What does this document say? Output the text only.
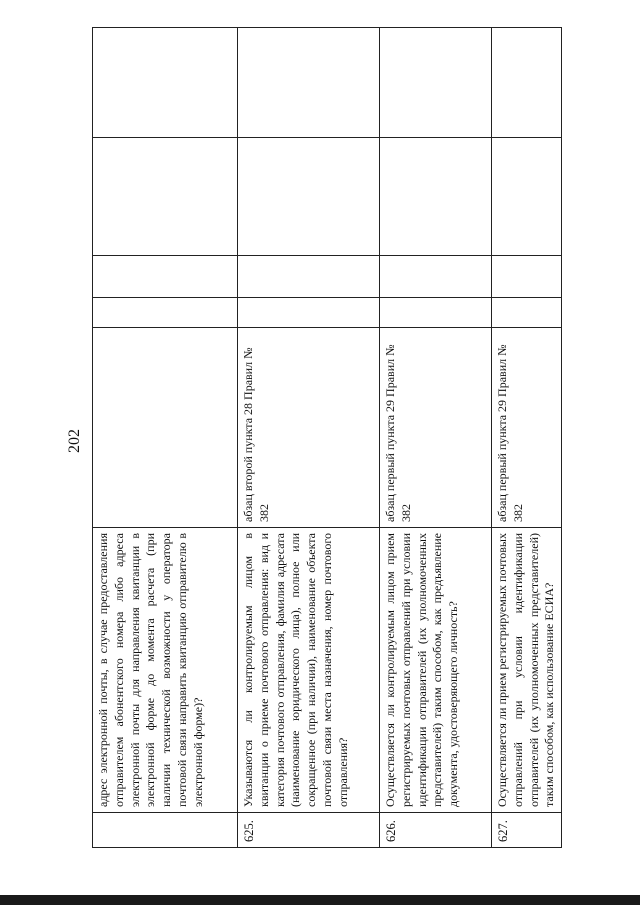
202
	адрес электронной почты, в случае предоставления отправителем абонентского номера либо адреса электронной почты для направления квитанции в электронной форме до момента расчета (при наличии технической возможности у оператора почтовой связи направить квитанцию отправителю в электронной форме)?					
625.	Указываются ли контролируемым лицом в квитанции о приеме почтового отправления: вид и категория почтового отправления, фамилия адресата (наименование юридического лица), полное или сокращенное (при наличии), наименование объекта почтовой связи места назначения, номер почтового отправления?	абзац второй пункта 28 Правил № 382				
626.	Осуществляется ли контролируемым лицом прием регистрируемых почтовых отправлений при условии идентификации отправителей (их уполномоченных представителей) таким способом, как предъявление документа, удостоверяющего личность?	абзац первый пункта 29 Правил № 382				
627.	Осуществляется ли прием регистрируемых почтовых отправлений при условии идентификации отправителей (их уполномоченных представителей) таким способом, как использование ЕСИА?	абзац первый пункта 29 Правил № 382				
